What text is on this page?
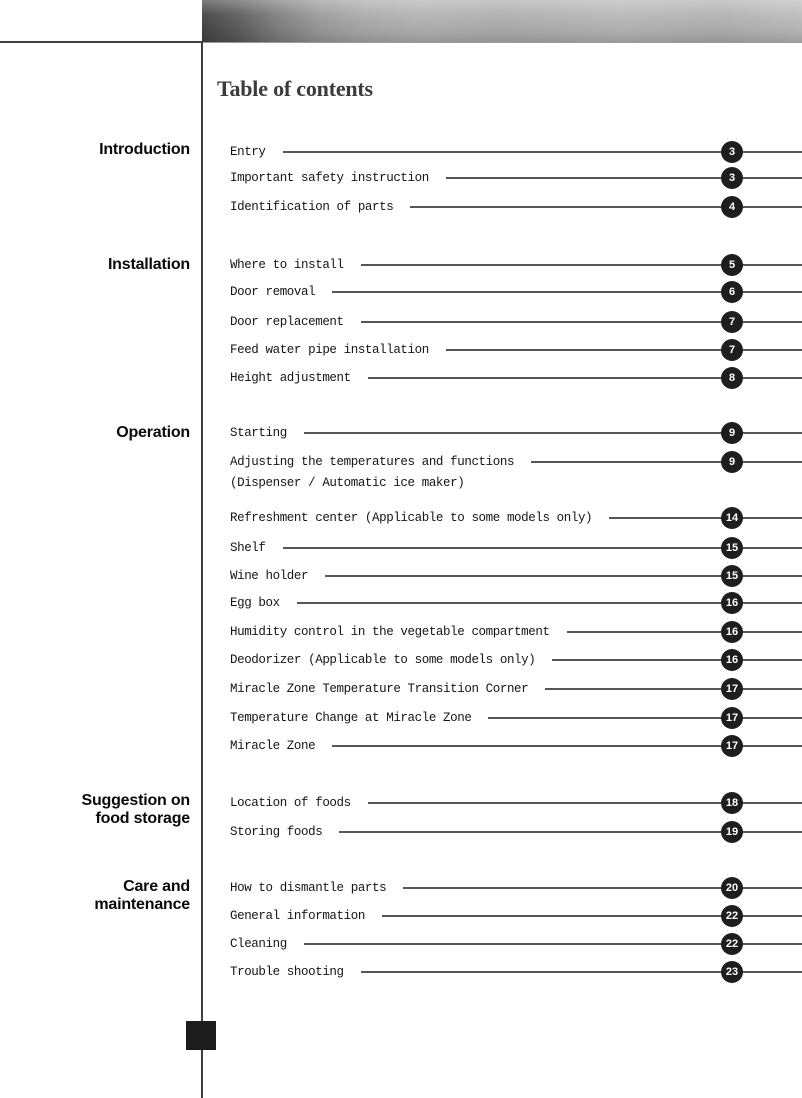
Table of contents
Introduction	Entry	3
Important safety instruction	3
Identification of parts	4
Installation	Where to install	5
Door removal	6
Door replacement	7
Feed water pipe installation	7
Height adjustment	8
Operation	Starting	9
Adjusting the temperatures and functions	9
(Dispenser / Automatic ice maker)
Refreshment center (Applicable to some models only)	14
Shelf	15
Wine holder	15
Egg box	16
Humidity control in the vegetable compartment	16
Deodorizer (Applicable to some models only)	16
Miracle Zone Temperature Transition Corner	17
Temperature Change at Miracle Zone	17
Miracle Zone	17
Suggestion on
food storage
Location of foods	18
Storing foods	19
Care and
maintenance
How to dismantle parts	20
General information	22
Cleaning	22
Trouble shooting	23
